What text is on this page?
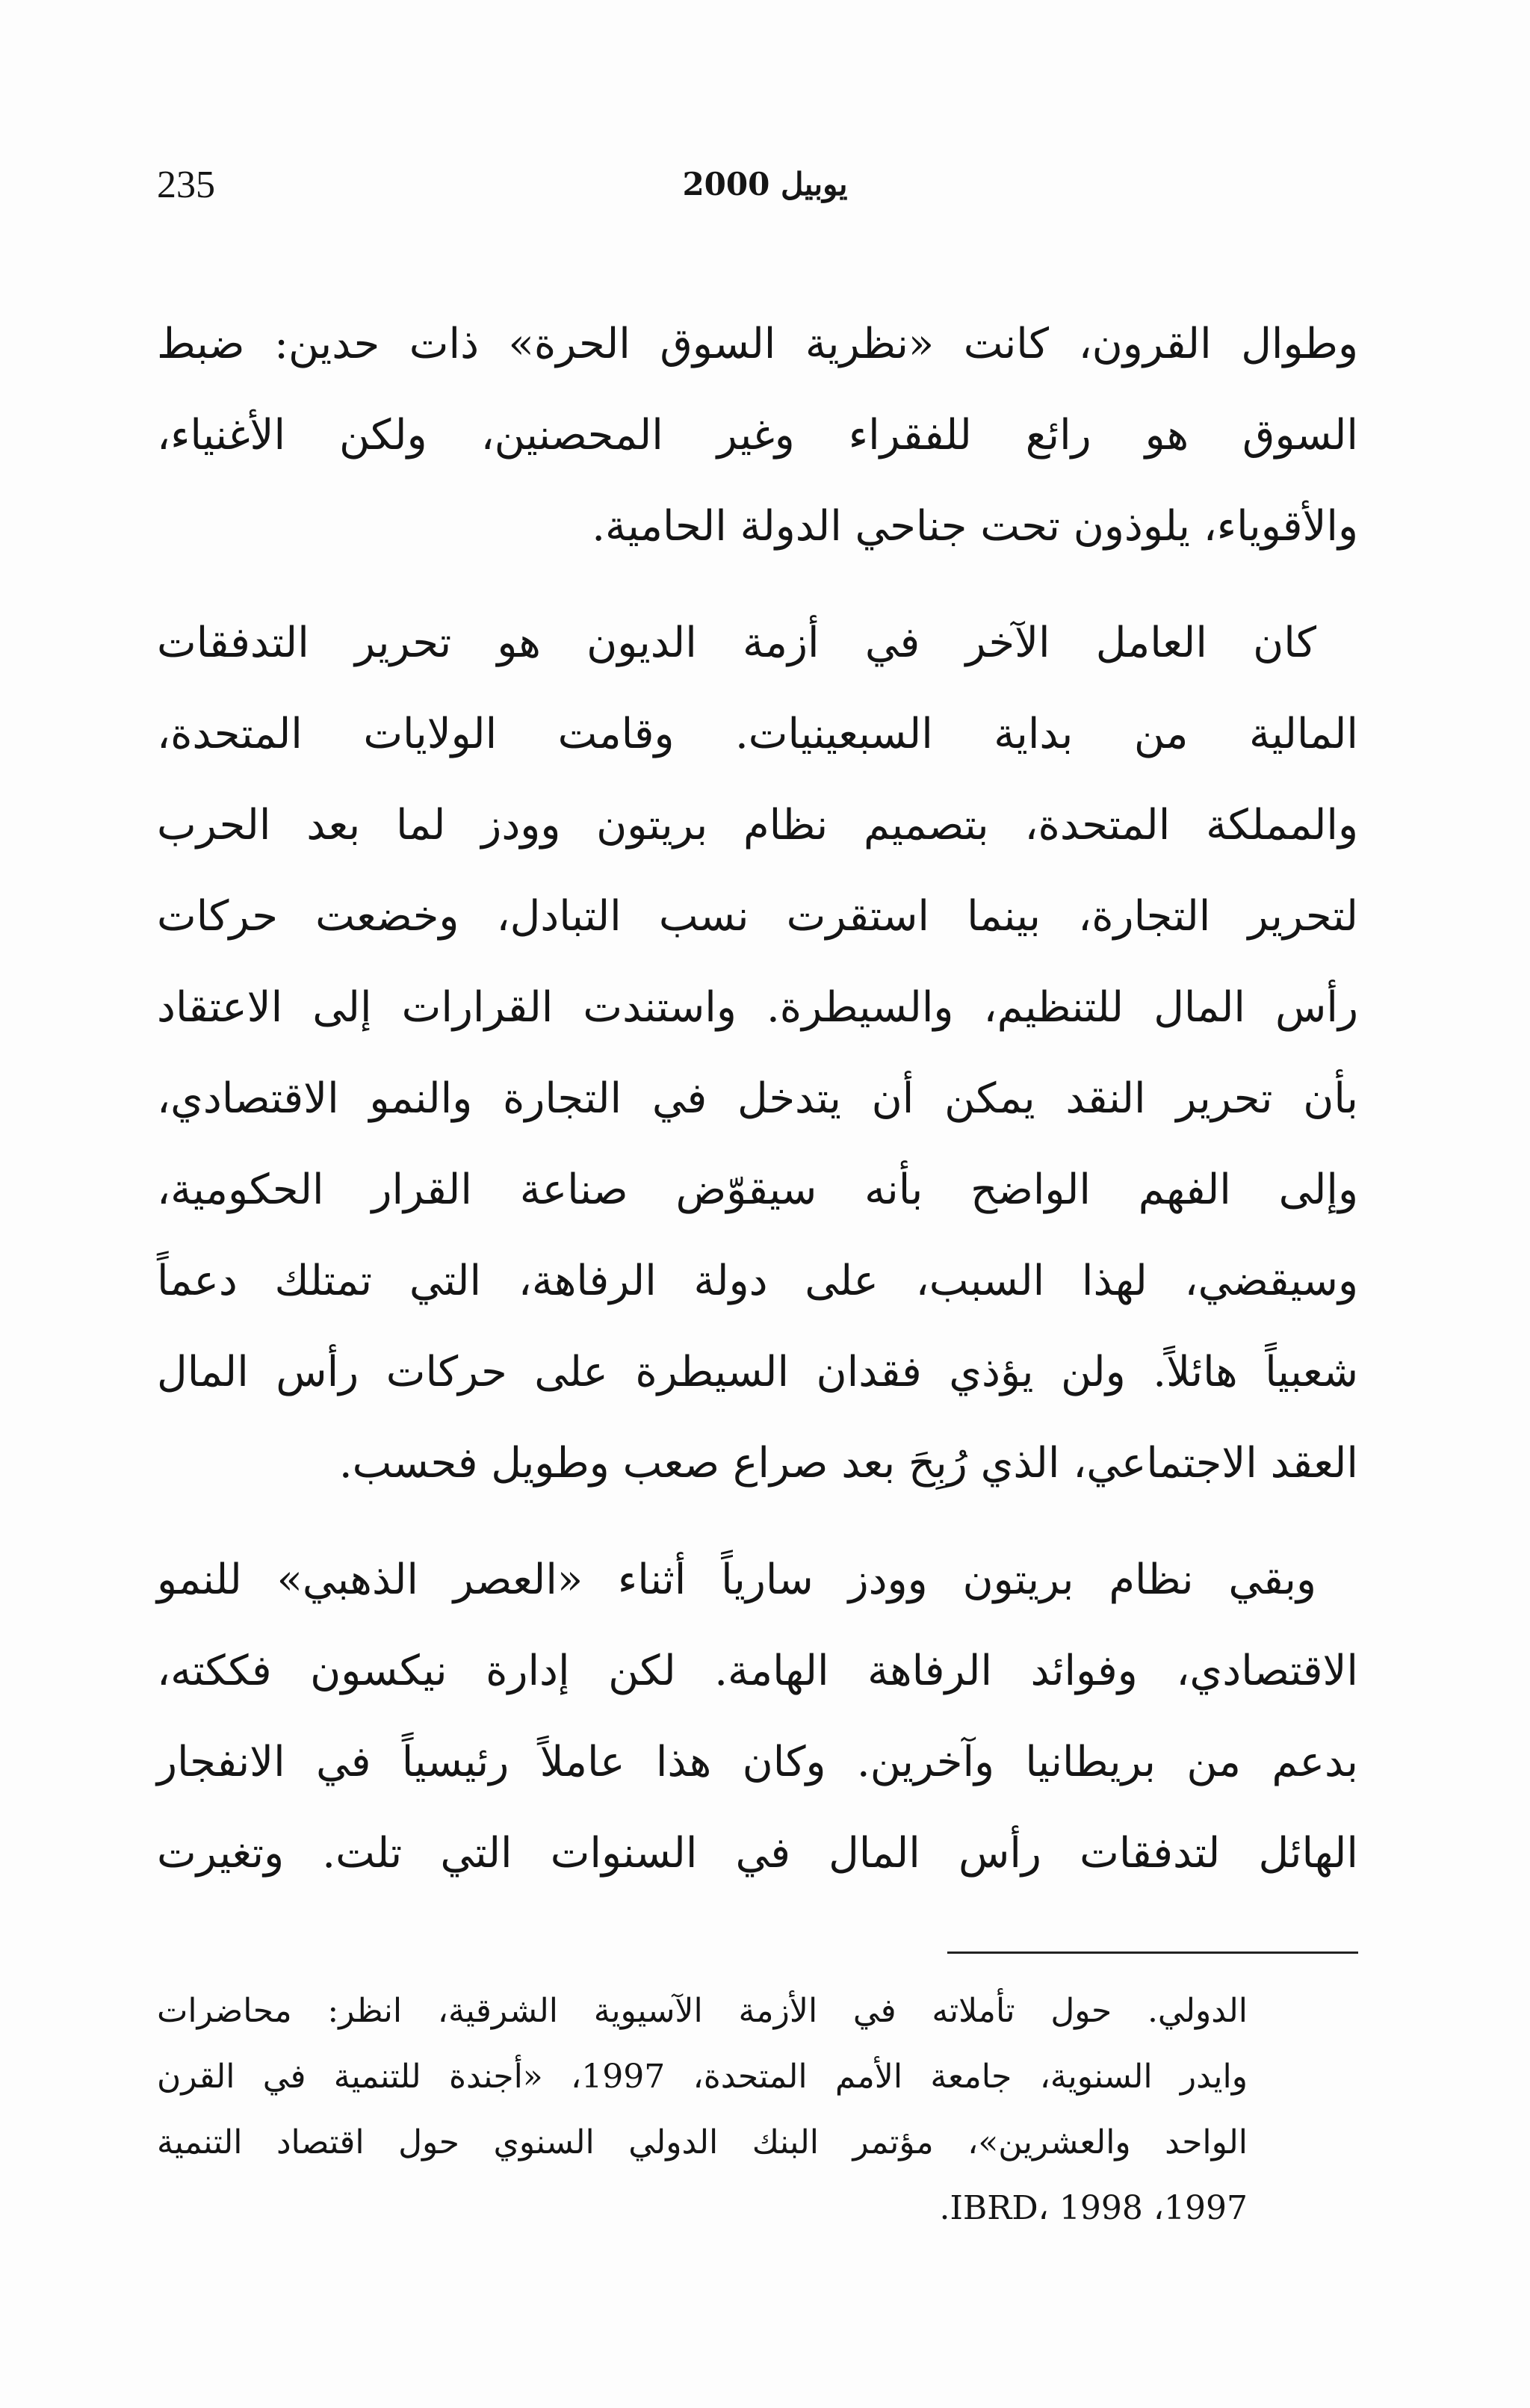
235	يوبيل 2000

وطوال القرون، كانت «نظرية السوق الحرة» ذات حدين: ضبط
السوق هو رائع للفقراء وغير المحصنين، ولكن الأغنياء،
والأقوياء، يلوذون تحت جناحي الدولة الحامية.

كان العامل الآخر في أزمة الديون هو تحرير التدفقات
المالية من بداية السبعينيات. وقامت الولايات المتحدة،
والمملكة المتحدة، بتصميم نظام بريتون وودز لما بعد الحرب
لتحرير التجارة، بينما استقرت نسب التبادل، وخضعت حركات
رأس المال للتنظيم، والسيطرة. واستندت القرارات إلى الاعتقاد
بأن تحرير النقد يمكن أن يتدخل في التجارة والنمو الاقتصادي،
وإلى الفهم الواضح بأنه سيقوّض صناعة القرار الحكومية،
وسيقضي، لهذا السبب، على دولة الرفاهة، التي تمتلك دعماً
شعبياً هائلاً. ولن يؤذي فقدان السيطرة على حركات رأس المال
العقد الاجتماعي، الذي رُبِحَ بعد صراع صعب وطويل فحسب.

وبقي نظام بريتون وودز سارياً أثناء «العصر الذهبي» للنمو
الاقتصادي، وفوائد الرفاهة الهامة. لكن إدارة نيكسون فككته،
بدعم من بريطانيا وآخرين. وكان هذا عاملاً رئيسياً في الانفجار
الهائل لتدفقات رأس المال في السنوات التي تلت. وتغيرت

الدولي. حول تأملاته في الأزمة الآسيوية الشرقية، انظر: محاضرات
وايدر السنوية، جامعة الأمم المتحدة، 1997، «أجندة للتنمية في القرن
الواحد والعشرين»، مؤتمر البنك الدولي السنوي حول اقتصاد التنمية
1997، IBRD، 1998.
